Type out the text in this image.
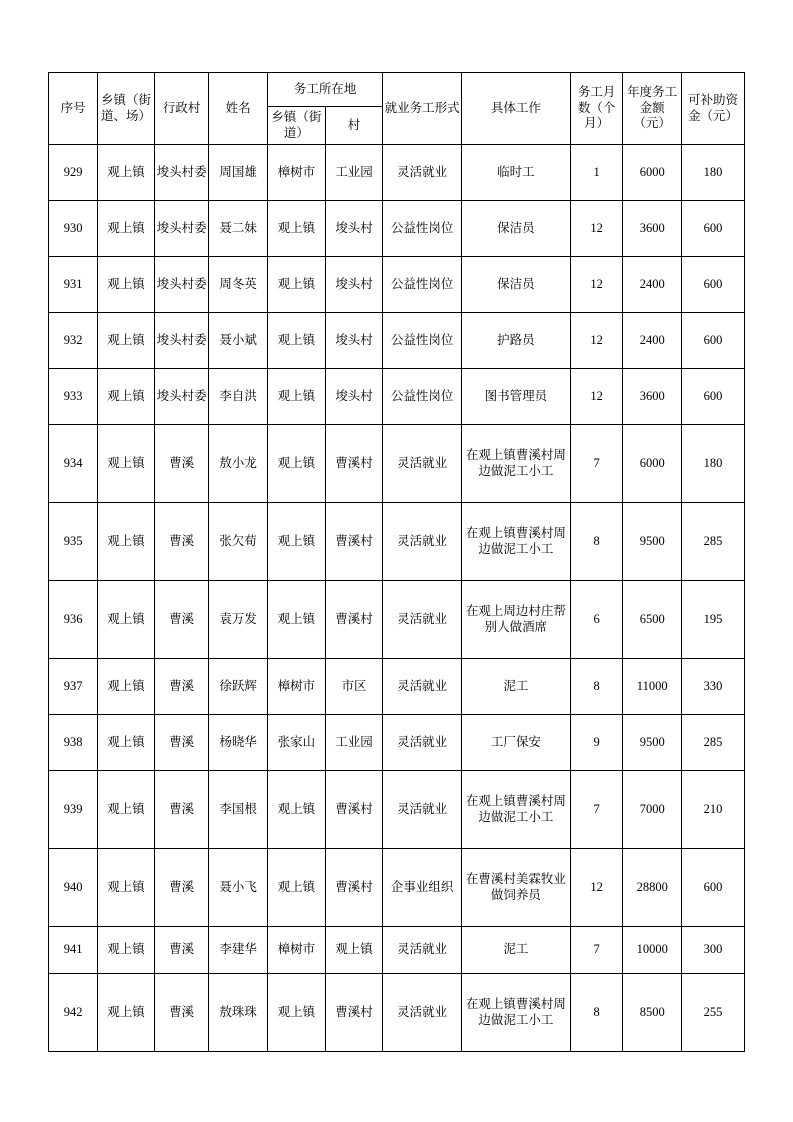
序号	乡镇（街道、场）	行政村	姓名	务工所在地		就业务工形式	具体工作	务工月数（个月）	年度务工金额（元）	可补助资金（元）
				乡镇（街道）	村					
929	观上镇	埈头村委	周国雄	樟树市	工业园	灵活就业	临时工	1	6000	180
930	观上镇	埈头村委	聂二妹	观上镇	埈头村	公益性岗位	保洁员	12	3600	600
931	观上镇	埈头村委	周冬英	观上镇	埈头村	公益性岗位	保洁员	12	2400	600
932	观上镇	埈头村委	聂小斌	观上镇	埈头村	公益性岗位	护路员	12	2400	600
933	观上镇	埈头村委	李自洪	观上镇	埈头村	公益性岗位	图书管理员	12	3600	600
934	观上镇	曹溪	敖小龙	观上镇	曹溪村	灵活就业	在观上镇曹溪村周边做泥工小工	7	6000	180
935	观上镇	曹溪	张欠荀	观上镇	曹溪村	灵活就业	在观上镇曹溪村周边做泥工小工	8	9500	285
936	观上镇	曹溪	袁万发	观上镇	曹溪村	灵活就业	在观上周边村庄帮别人做酒席	6	6500	195
937	观上镇	曹溪	徐跃辉	樟树市	市区	灵活就业	泥工	8	11000	330
938	观上镇	曹溪	杨晓华	张家山	工业园	灵活就业	工厂保安	9	9500	285
939	观上镇	曹溪	李国根	观上镇	曹溪村	灵活就业	在观上镇曹溪村周边做泥工小工	7	7000	210
940	观上镇	曹溪	聂小飞	观上镇	曹溪村	企事业组织	在曹溪村美霖牧业做饲养员	12	28800	600
941	观上镇	曹溪	李建华	樟树市	观上镇	灵活就业	泥工	7	10000	300
942	观上镇	曹溪	敖珠珠	观上镇	曹溪村	灵活就业	在观上镇曹溪村周边做泥工小工	8	8500	255
